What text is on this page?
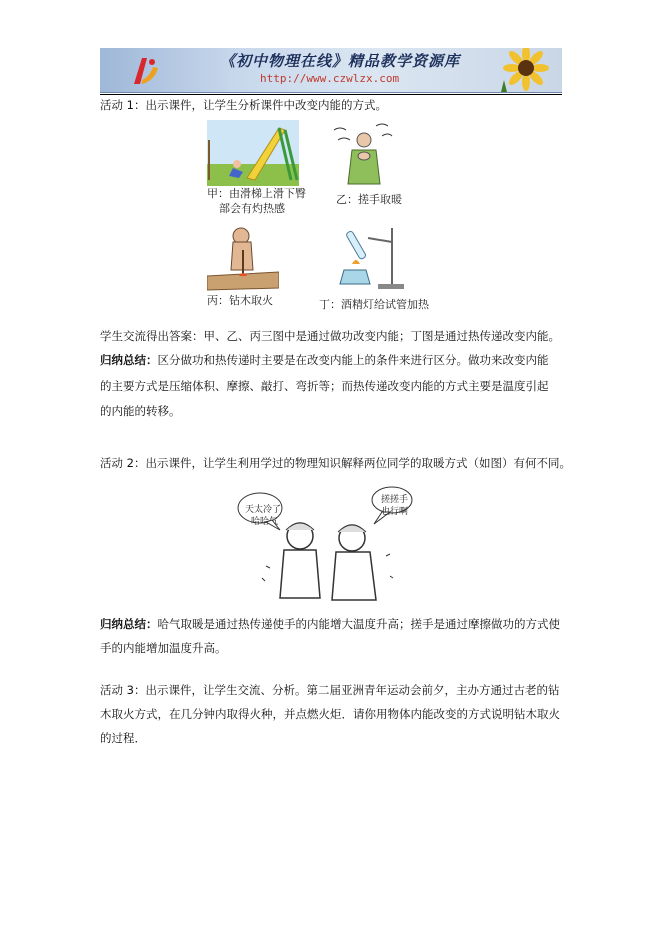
《初中物理在线》精品教学资源库
http://www.czwlzx.com
活动 1：出示课件，让学生分析课件中改变内能的方式。
甲：由滑梯上滑下臀
部会有灼热感
乙：搓手取暖
丙：钻木取火	丁：酒精灯给试管加热
学生交流得出答案：甲、乙、丙三图中是通过做功改变内能；丁图是通过热传递改变内能。
归纳总结：区分做功和热传递时主要是在改变内能上的条件来进行区分。做功来改变内能
的主要方式是压缩体积、摩擦、敲打、弯折等；而热传递改变内能的方式主要是温度引起
的内能的转移。
活动 2：出示课件，让学生利用学过的物理知识解释两位同学的取暖方式（如图）有何不同。
天太冷了
哈哈气
搓搓手
也行啊
归纳总结：哈气取暖是通过热传递使手的内能增大温度升高；搓手是通过摩擦做功的方式使
手的内能增加温度升高。
活动 3：出示课件，让学生交流、分析。第二届亚洲青年运动会前夕，主办方通过古老的钻
木取火方式，在几分钟内取得火种，并点燃火炬．请你用物体内能改变的方式说明钻木取火
的过程．
